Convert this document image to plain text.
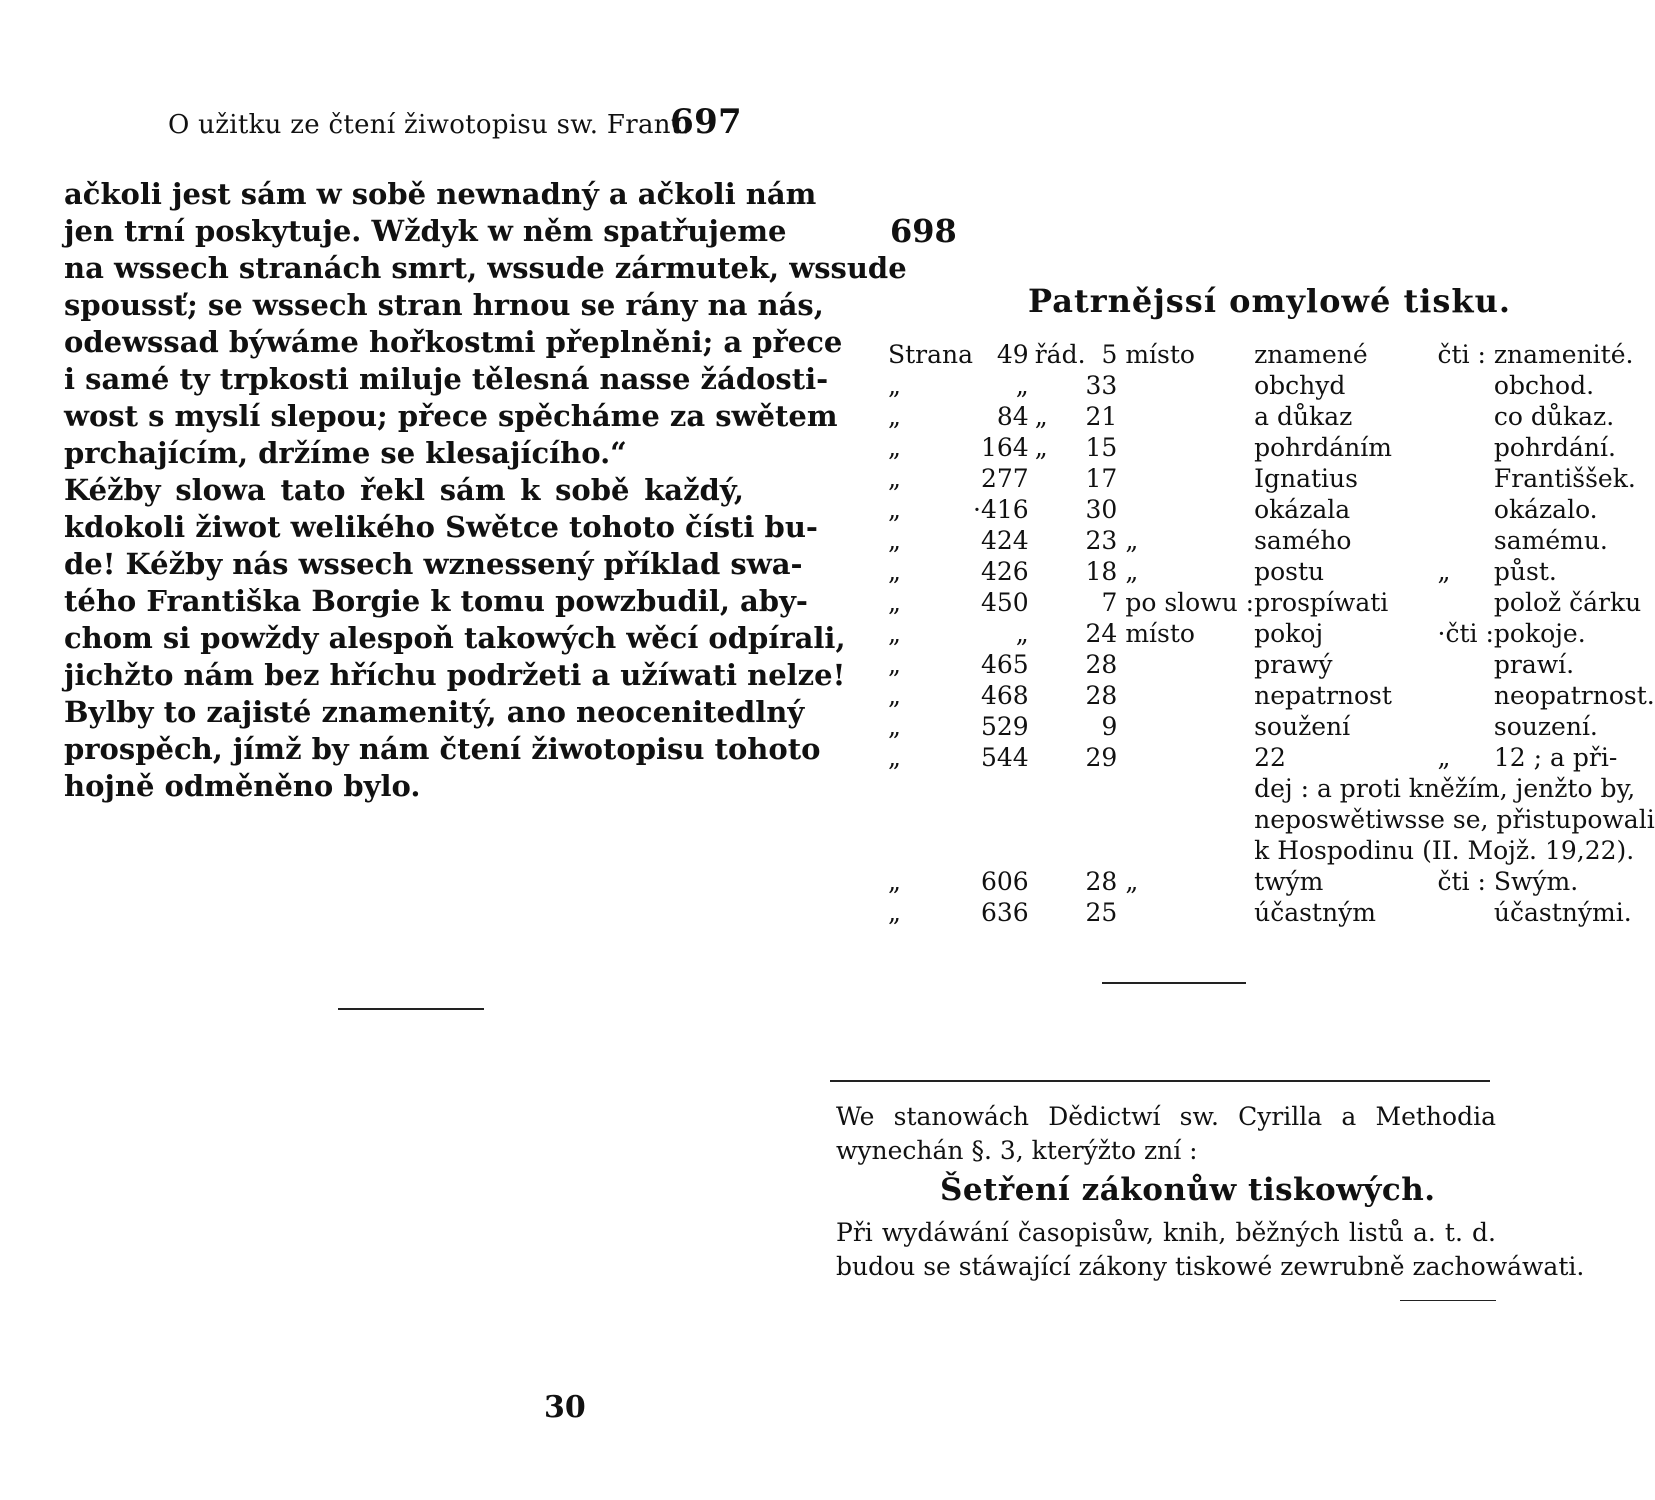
O užitku ze čtení žiwotopisu sw. Frant.
697
ačkoli jest sám w sobě newnadný a ačkoli nám
jen trní poskytuje. Wždyk w něm spatřujeme
na wssech stranách smrt, wssude zármutek, wssude
spoussť; se wssech stran hrnou se rány na nás,
odewssad býwáme hořkostmi přeplněni; a přece
i samé ty trpkosti miluje tělesná nasse žádosti-
wost s myslí slepou; přece spěcháme za swětem
prchajícím, držíme se klesajícího.“
Kéžby slowa tato řekl sám k sobě každý,
kdokoli žiwot welikého Swětce tohoto čísti bu-
de! Kéžby nás wssech wznessený příklad swa-
tého Františka Borgie k tomu powzbudil, aby-
chom si powždy alespoň takowých wěcí odpírali,
jichžto nám bez hříchu podržeti a užíwati nelze!
Bylby to zajisté znamenitý, ano neocenitedlný
prospěch, jímž by nám čtení žiwotopisu tohoto
hojně odměněno bylo.
30
698
Patrnějssí omylowé tisku.
Strana	49	řád.	5	místo	znamené	čti :	znamenité.
„	„		33		obchyd		obchod.
„	84	„	21		a důkaz		co důkaz.
„	164	„	15		pohrdáním		pohrdání.
„	277		17		Ignatius		Františšek.
„	·416		30		okázala		okázalo.
„	424		23	„	samého		samému.
„	426		18	„	postu	„	půst.
„	450		7	po slowu :	prospíwati		polož čárku
„	„		24	místo	pokoj	·čti :	pokoje.
„	465		28		prawý		prawí.
„	468		28		nepatrnost		neopatrnost.
„	529		9		soužení		souzení.
„	544		29		22	„	12 ; a při-
					dej : a proti kněžím, jenžto by,		
					neposwětiwsse se, přistupowali		
					k Hospodinu (II. Mojž. 19,22).		
„	606		28	„	twým	čti :	Swým.
„	636		25		účastným		účastnými.
We stanowách Dědictwí sw. Cyrilla a Methodia
wynechán §. 3, kterýžto zní :
Šetření zákonůw tiskowých.
Při wydáwání časopisůw, knih, běžných listů a. t. d.
budou se stáwající zákony tiskowé zewrubně zachowáwati.
